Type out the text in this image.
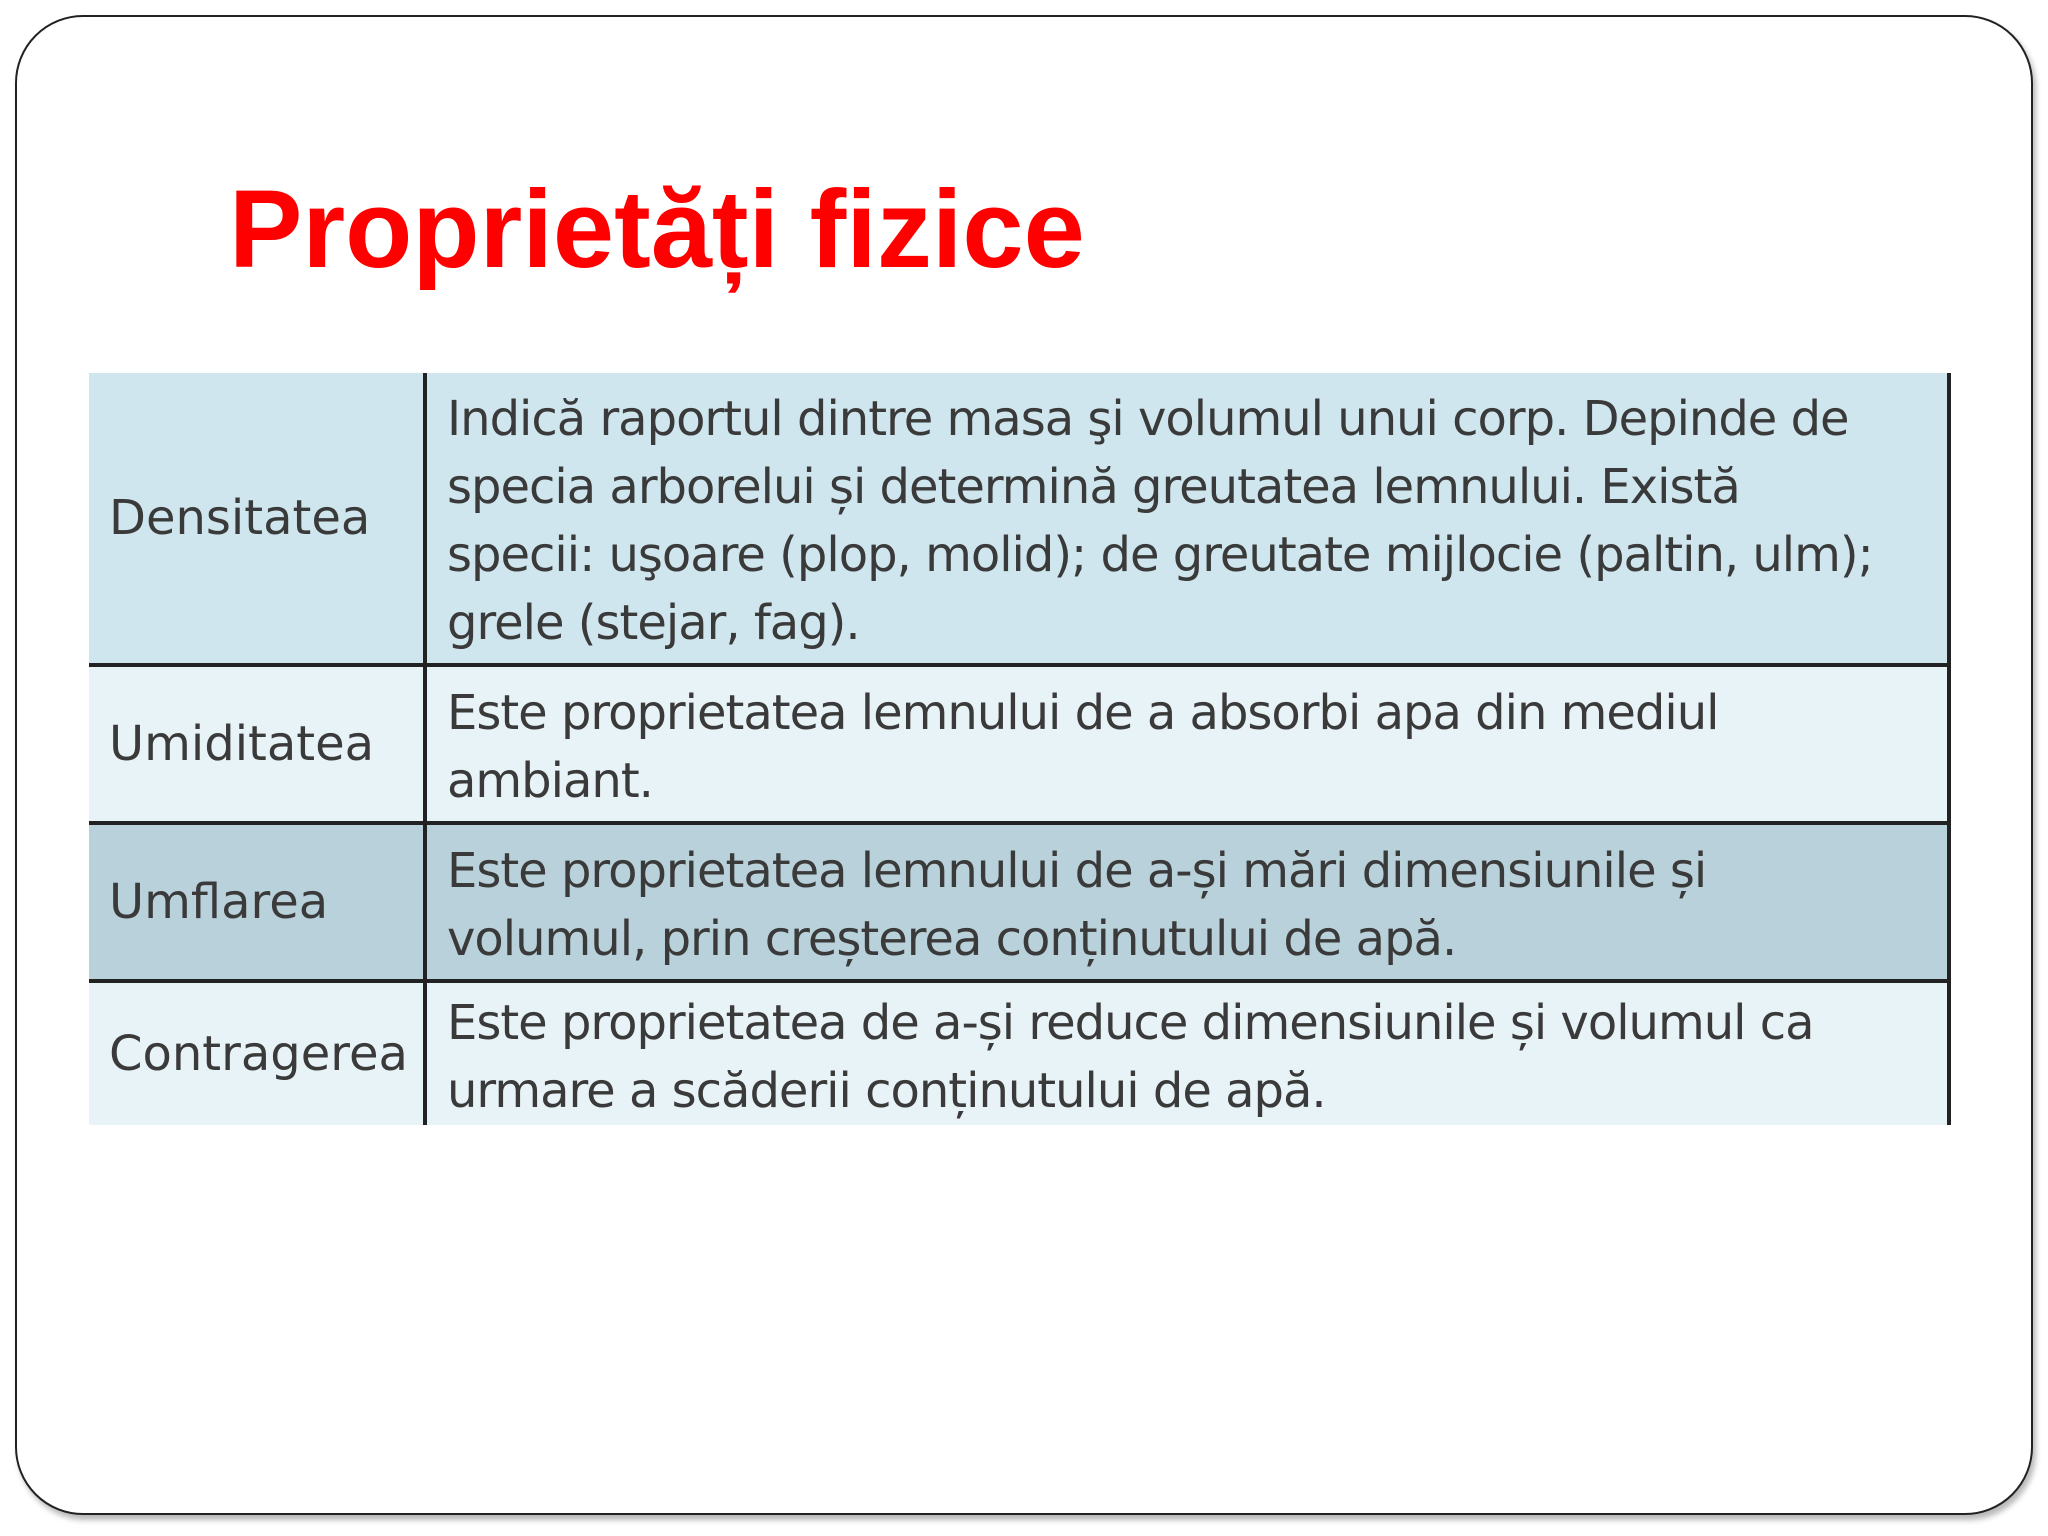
Proprietăți fizice
Densitatea	Indică raportul dintre masa şi volumul unui corp. Depinde de specia arborelui și determină greutatea lemnului. Există specii: uşoare (plop, molid); de greutate mijlocie (paltin, ulm); grele (stejar, fag).
Umiditatea	Este proprietatea lemnului de a absorbi apa din mediul ambiant.
Umflarea	Este proprietatea lemnului de a-și mări dimensiunile și volumul, prin creșterea conținutului de apă.
Contragerea	Este proprietatea de a-și reduce dimensiunile și volumul ca urmare a scăderii conținutului de apă.
